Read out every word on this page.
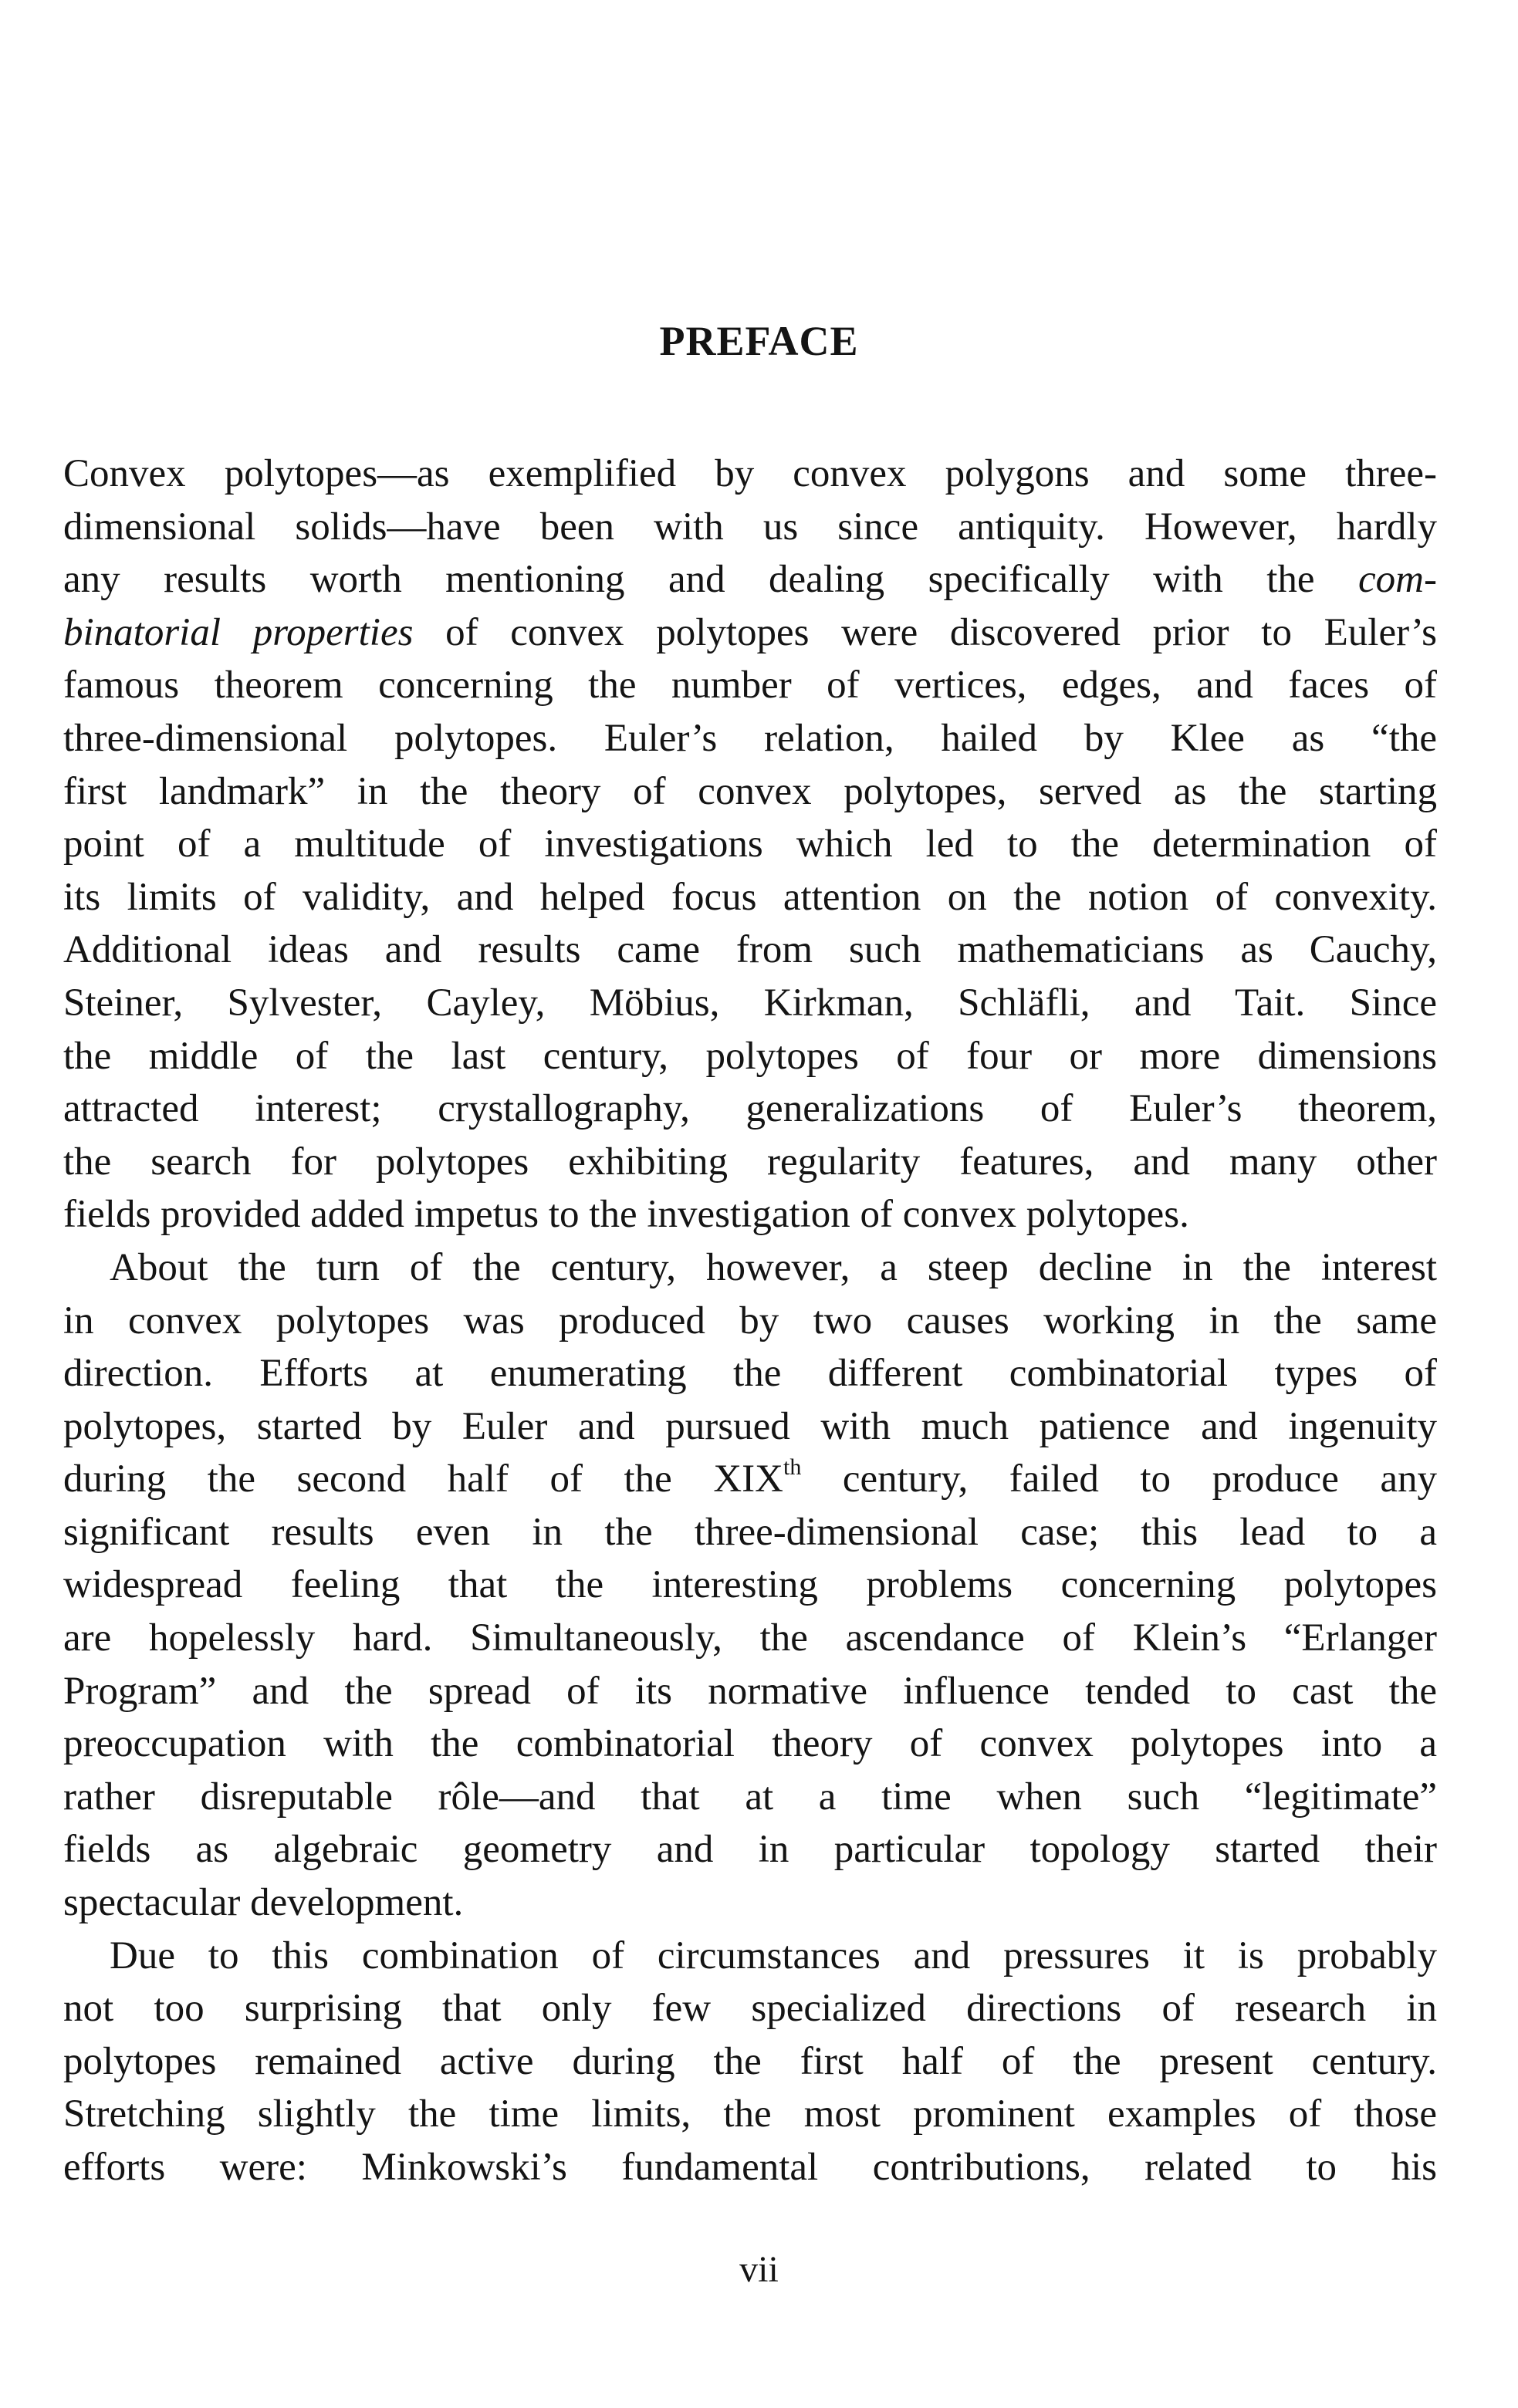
PREFACE
Convex polytopes—as exemplified by convex polygons and some three-
dimensional solids—have been with us since antiquity. However, hardly
any results worth mentioning and dealing specifically with the com-
binatorial properties of convex polytopes were discovered prior to Euler’s
famous theorem concerning the number of vertices, edges, and faces of
three-dimensional polytopes. Euler’s relation, hailed by Klee as “the
first landmark” in the theory of convex polytopes, served as the starting
point of a multitude of investigations which led to the determination of
its limits of validity, and helped focus attention on the notion of convexity.
Additional ideas and results came from such mathematicians as Cauchy,
Steiner, Sylvester, Cayley, Möbius, Kirkman, Schläfli, and Tait. Since
the middle of the last century, polytopes of four or more dimensions
attracted interest; crystallography, generalizations of Euler’s theorem,
the search for polytopes exhibiting regularity features, and many other
fields provided added impetus to the investigation of convex polytopes.
About the turn of the century, however, a steep decline in the interest
in convex polytopes was produced by two causes working in the same
direction. Efforts at enumerating the different combinatorial types of
polytopes, started by Euler and pursued with much patience and ingenuity
during the second half of the XIXth century, failed to produce any
significant results even in the three-dimensional case; this lead to a
widespread feeling that the interesting problems concerning polytopes
are hopelessly hard. Simultaneously, the ascendance of Klein’s “Erlanger
Program” and the spread of its normative influence tended to cast the
preoccupation with the combinatorial theory of convex polytopes into a
rather disreputable rôle—and that at a time when such “legitimate”
fields as algebraic geometry and in particular topology started their
spectacular development.
Due to this combination of circumstances and pressures it is probably
not too surprising that only few specialized directions of research in
polytopes remained active during the first half of the present century.
Stretching slightly the time limits, the most prominent examples of those
efforts were: Minkowski’s fundamental contributions, related to his
vii
